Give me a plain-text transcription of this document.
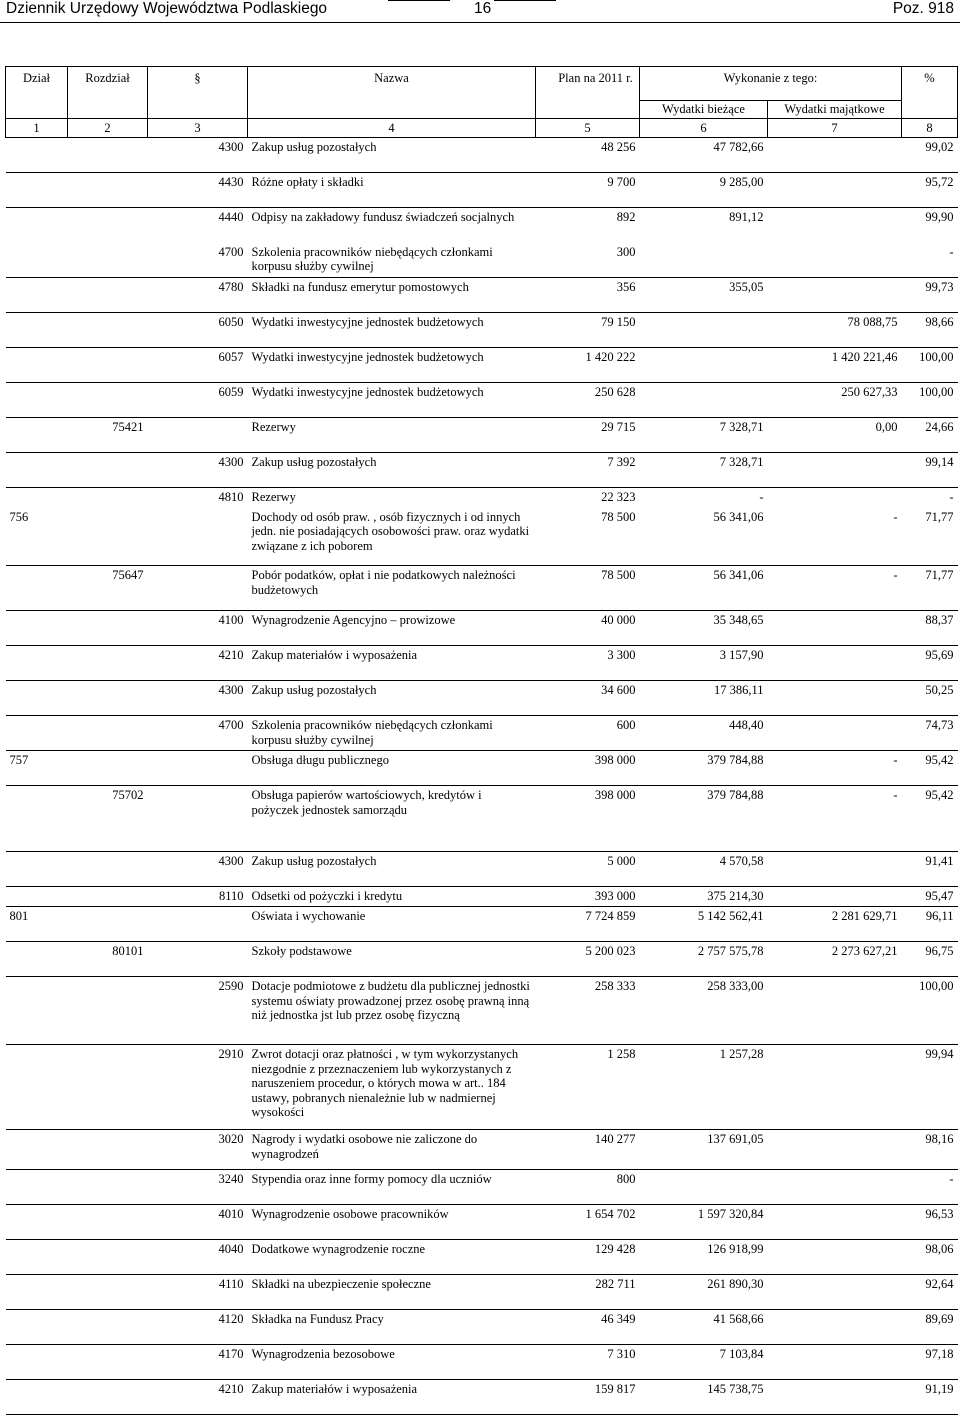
Dziennik Urzędowy Województwa Podlaskiego	16	Poz. 918
Dział	Rozdział	§	Nazwa	Plan na 2011 r.	Wykonanie z tego:		%
					Wydatki bieżące	Wydatki majątkowe	
1	2	3	4	5	6	7	8
		4300	Zakup usług pozostałych	48 256	47 782,66		99,02
		4430	Różne opłaty i składki	9 700	9 285,00		95,72
		4440	Odpisy na zakładowy fundusz świadczeń socjalnych	892	891,12		99,90
		4700	Szkolenia pracowników niebędących członkami korpusu służby cywilnej	300			-
		4780	Składki na fundusz emerytur pomostowych	356	355,05		99,73
		6050	Wydatki inwestycyjne jednostek budżetowych	79 150		78 088,75	98,66
		6057	Wydatki inwestycyjne jednostek budżetowych	1 420 222		1 420 221,46	100,00
		6059	Wydatki inwestycyjne jednostek budżetowych	250 628		250 627,33	100,00
	75421		Rezerwy	29 715	7 328,71	0,00	24,66
		4300	Zakup usług pozostałych	7 392	7 328,71		99,14
		4810	Rezerwy	22 323	-		-
756			Dochody od osób praw. , osób fizycznych i od innych jedn. nie posiadających osobowości praw. oraz wydatki związane z ich poborem	78 500	56 341,06	-	71,77
	75647		Pobór podatków, opłat i nie podatkowych należności budżetowych	78 500	56 341,06	-	71,77
		4100	Wynagrodzenie Agencyjno – prowizowe	40 000	35 348,65		88,37
		4210	Zakup materiałów i wyposażenia	3 300	3 157,90		95,69
		4300	Zakup usług pozostałych	34 600	17 386,11		50,25
		4700	Szkolenia pracowników niebędących członkami korpusu służby cywilnej	600	448,40		74,73
757			Obsługa długu publicznego	398 000	379 784,88	-	95,42
	75702		Obsługa papierów wartościowych, kredytów i pożyczek jednostek samorządu	398 000	379 784,88	-	95,42
		4300	Zakup usług pozostałych	5 000	4 570,58		91,41
		8110	Odsetki od pożyczki i kredytu	393 000	375 214,30		95,47
801			Oświata i wychowanie	7 724 859	5 142 562,41	2 281 629,71	96,11
	80101		Szkoły podstawowe	5 200 023	2 757 575,78	2 273 627,21	96,75
		2590	Dotacje podmiotowe z budżetu dla publicznej jednostki systemu oświaty prowadzonej przez osobę prawną inną niż jednostka jst lub przez osobę fizyczną	258 333	258 333,00		100,00
		2910	Zwrot dotacji oraz płatności , w tym wykorzystanych niezgodnie z przeznaczeniem lub wykorzystanych z naruszeniem procedur, o których mowa w art.. 184 ustawy, pobranych nienależnie lub w nadmiernej wysokości	1 258	1 257,28		99,94
		3020	Nagrody i wydatki osobowe nie zaliczone do wynagrodzeń	140 277	137 691,05		98,16
		3240	Stypendia oraz inne formy pomocy dla uczniów	800			-
		4010	Wynagrodzenie osobowe pracowników	1 654 702	1 597 320,84		96,53
		4040	Dodatkowe wynagrodzenie roczne	129 428	126 918,99		98,06
		4110	Składki na ubezpieczenie społeczne	282 711	261 890,30		92,64
		4120	Składka na Fundusz Pracy	46 349	41 568,66		89,69
		4170	Wynagrodzenia bezosobowe	7 310	7 103,84		97,18
		4210	Zakup materiałów i wyposażenia	159 817	145 738,75		91,19
